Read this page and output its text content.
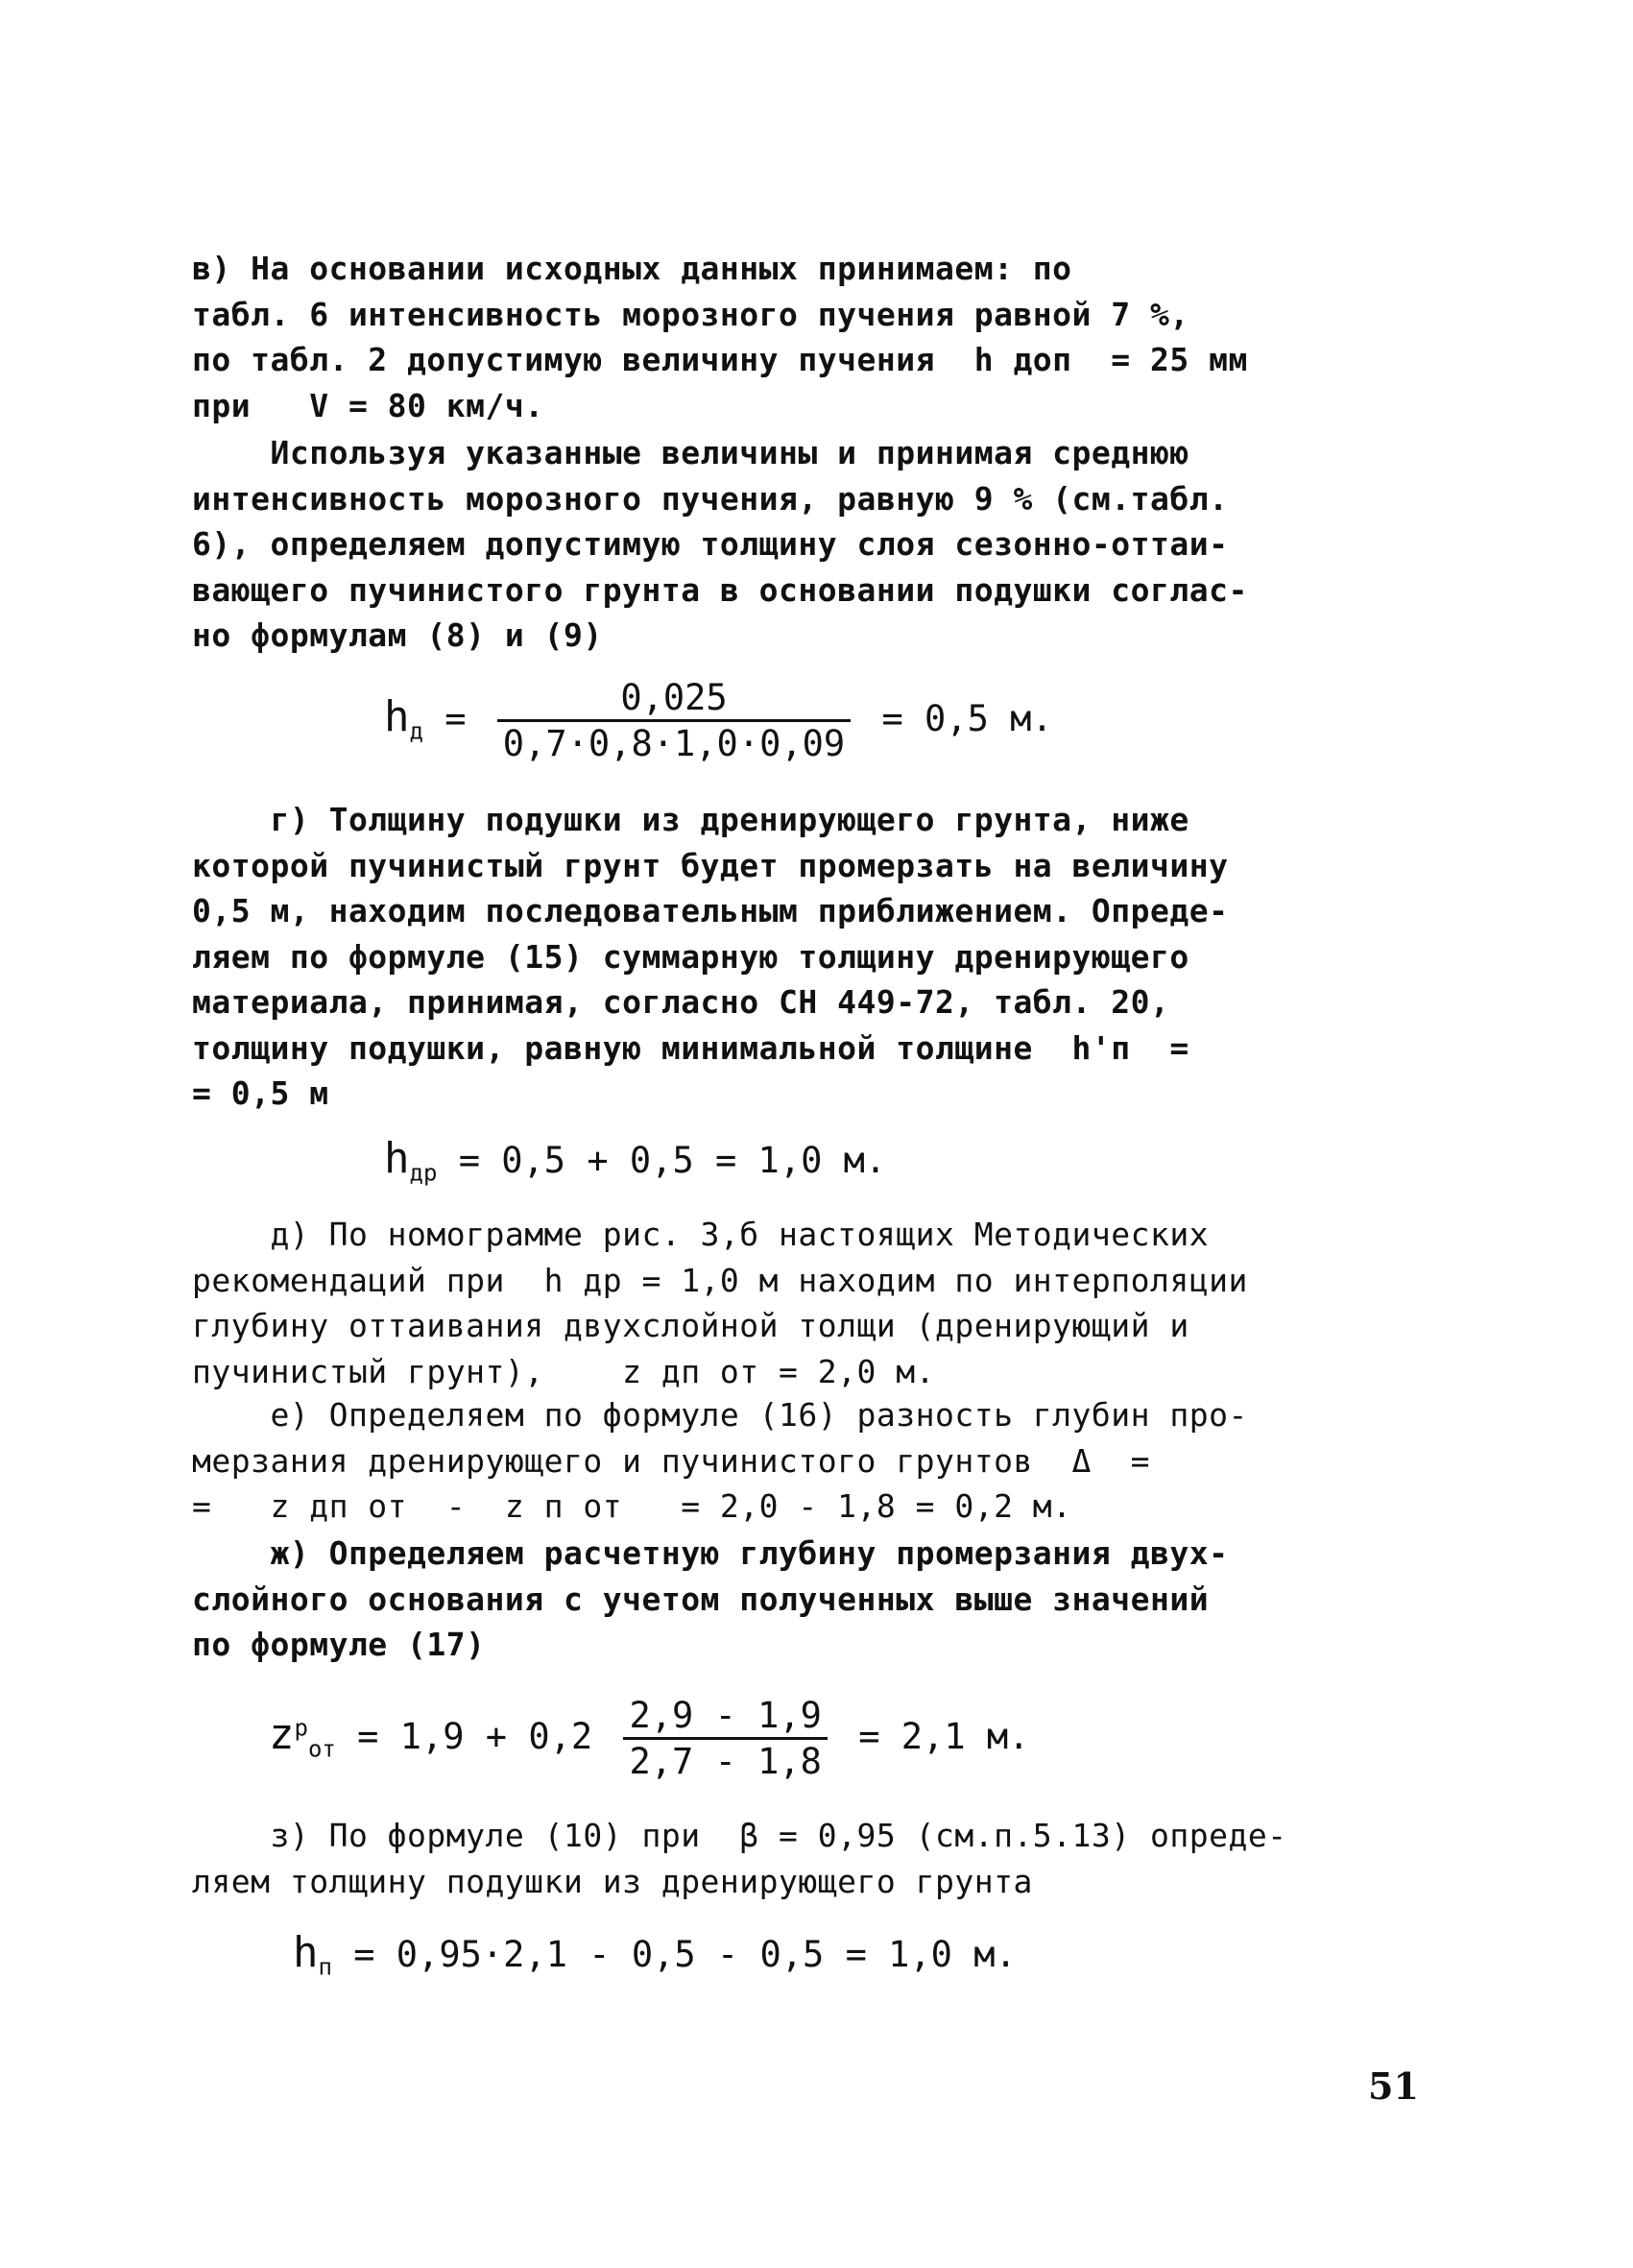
в) На основании исходных данных принимаем: по
табл. 6 интенсивность морозного пучения равной 7 %,
по табл. 2 допустимую величину пучения  h доп  = 25 мм
при   V = 80 км/ч.
Используя указанные величины и принимая среднюю
интенсивность морозного пучения, равную 9 % (см.табл.
6), определяем допустимую толщину слоя сезонно-оттаи-
вающего пучинистого грунта в основании подушки соглас-
но формулам (8) и (9)
$h_д = \frac{0,025}{0,7\cdot 0,8\cdot 1,0\cdot 0,09} = 0,5$ м.
г) Толщину подушки из дренирующего грунта, ниже
которой пучинистый грунт будет промерзать на величину
0,5 м, находим последовательным приближением. Опреде-
ляем по формуле (15) суммарную толщину дренирующего
материала, принимая, согласно СН 449-72, табл. 20,
толщину подушки, равную минимальной толщине  h'п  =
= 0,5 м
$h_{др} = 0,5 + 0,5 = 1,0$ м.
д) По номограмме рис. 3,б настоящих Методических
рекомендаций при  h др = 1,0 м находим по интерполяции
глубину оттаивания двухслойной толщи (дренирующий и
пучинистый грунт),    z дп от = 2,0 м.
е) Определяем по формуле (16) разность глубин про-
мерзания дренирующего и пучинистого грунтов  Δ  =
=   z дп от  -  z п от   = 2,0 - 1,8 = 0,2 м.
ж) Определяем расчетную глубину промерзания двух-
слойного основания с учетом полученных выше значений
по формуле (17)
$z^р_{от} = 1,9 + 0,2 \frac{2,9 - 1,9}{2,7 - 1,8} = 2,1$ м.
з) По формуле (10) при  β = 0,95 (см.п.5.13) опреде-
ляем толщину подушки из дренирующего грунта
$h_п = 0,95\cdot 2,1 - 0,5 - 0,5 = 1,0$ м.
51
